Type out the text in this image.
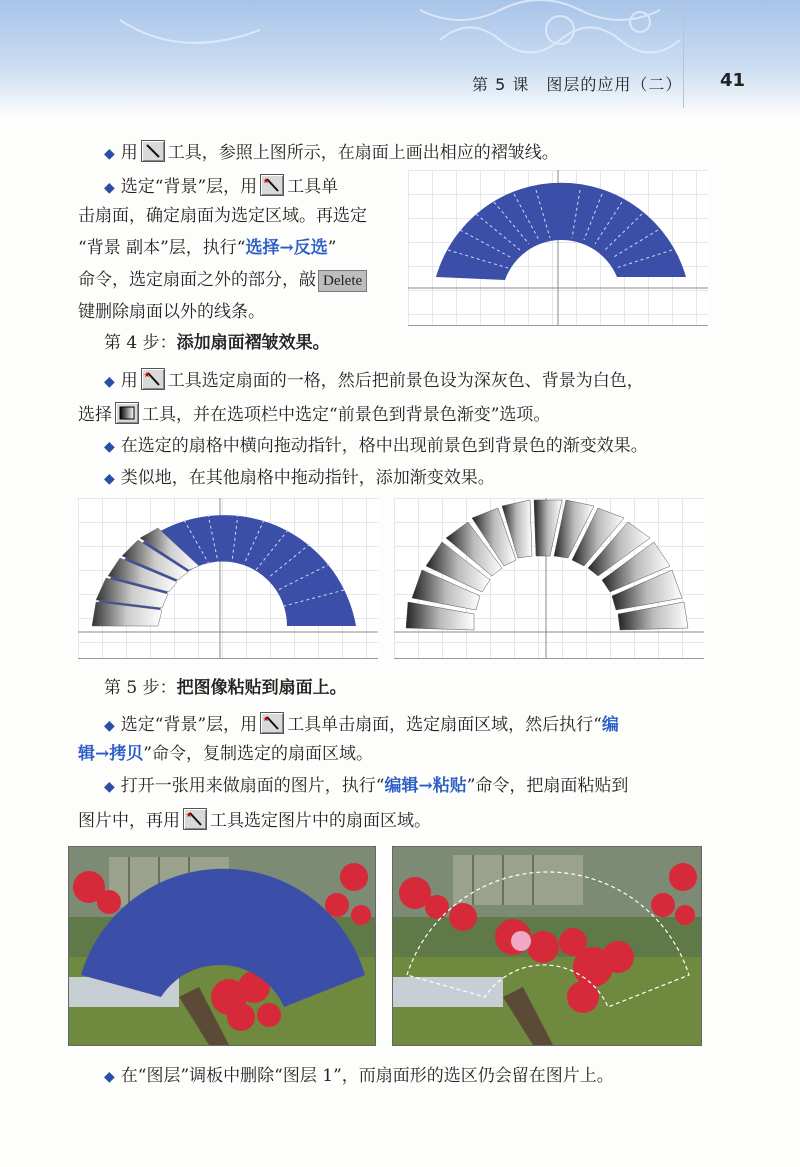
第 5 课　图层的应用（二） 41
◆ 用 工具，参照上图所示，在扇面上画出相应的褶皱线。
◆ 选定“背景”层，用 工具单
击扇面，确定扇面为选定区域。再选定
“背景 副本”层，执行“选择→反选”
命令，选定扇面之外的部分，敲 Delete
键删除扇面以外的线条。
第 4 步：添加扇面褶皱效果。
◆ 用 工具选定扇面的一格，然后把前景色设为深灰色、背景为白色，
选择 工具，并在选项栏中选定“前景色到背景色渐变”选项。
◆ 在选定的扇格中横向拖动指针，格中出现前景色到背景色的渐变效果。
◆ 类似地，在其他扇格中拖动指针，添加渐变效果。
第 5 步：把图像粘贴到扇面上。
◆ 选定“背景”层，用 工具单击扇面，选定扇面区域，然后执行“编
辑→拷贝”命令，复制选定的扇面区域。
◆ 打开一张用来做扇面的图片，执行“编辑→粘贴”命令，把扇面粘贴到
图片中，再用 工具选定图片中的扇面区域。
◆ 在“图层”调板中删除“图层 1”，而扇面形的选区仍会留在图片上。
